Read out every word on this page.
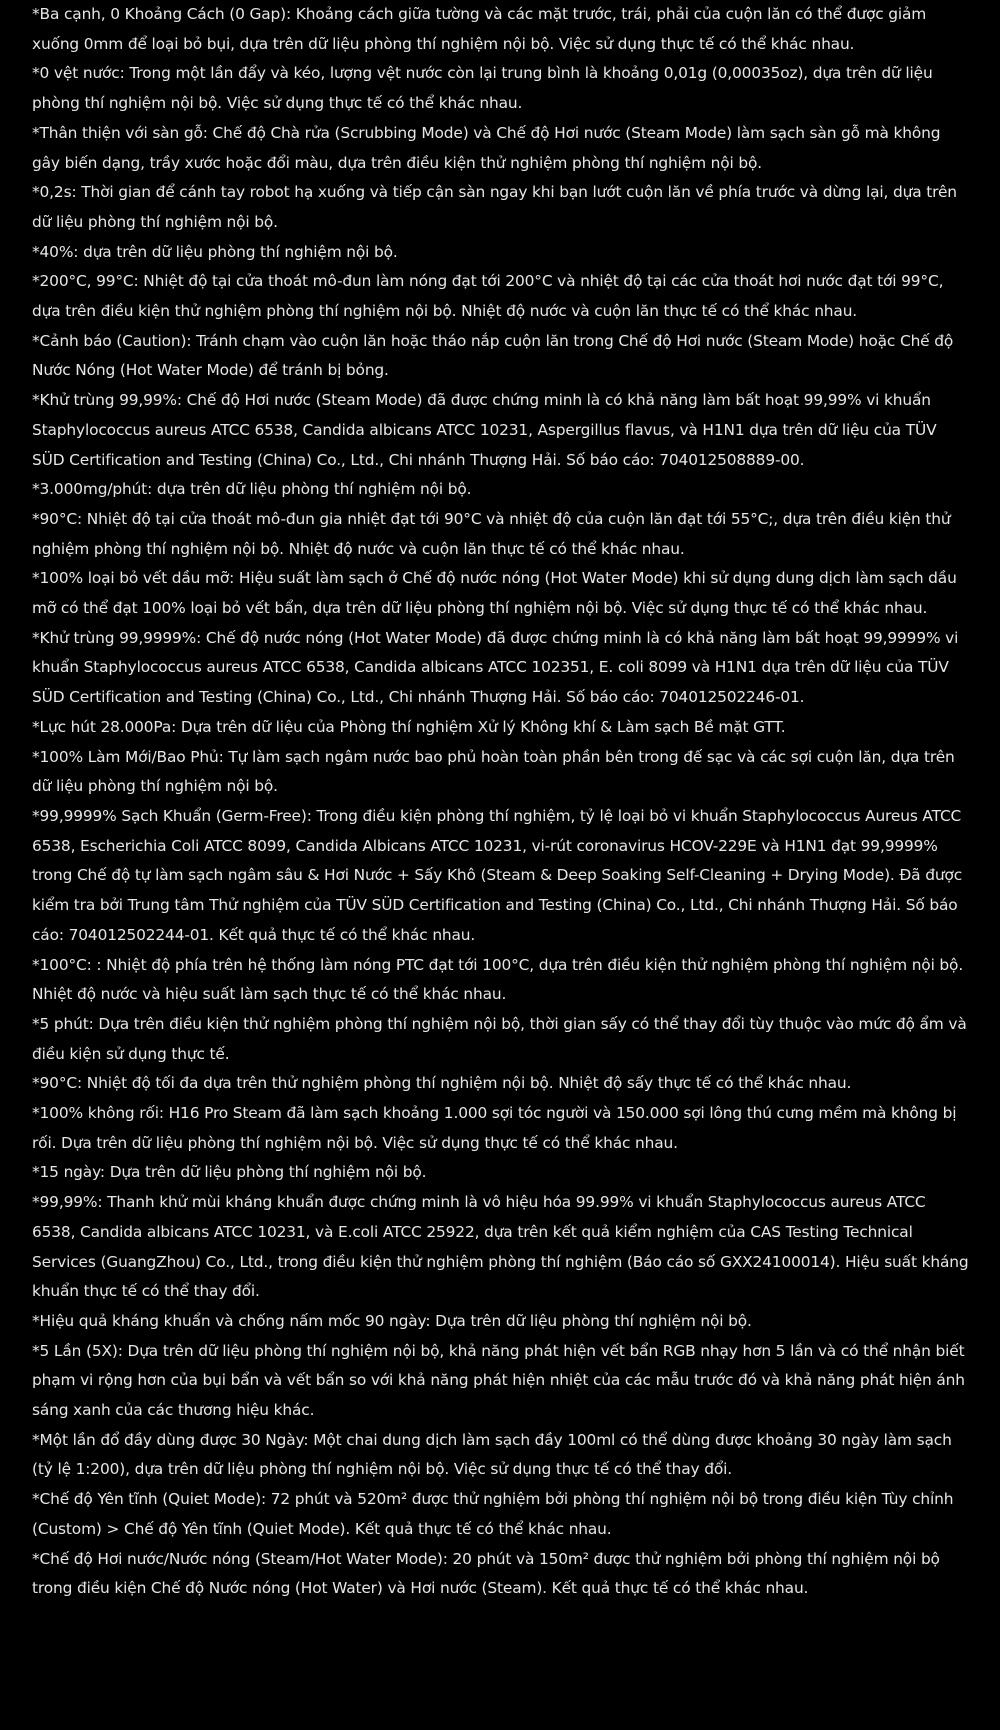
*Ba cạnh, 0 Khoảng Cách (0 Gap): Khoảng cách giữa tường và các mặt trước, trái, phải của cuộn lăn có thể được giảm xuống 0mm để loại bỏ bụi, dựa trên dữ liệu phòng thí nghiệm nội bộ. Việc sử dụng thực tế có thể khác nhau.
*0 vệt nước: Trong một lần đẩy và kéo, lượng vệt nước còn lại trung bình là khoảng 0,01g (0,00035oz), dựa trên dữ liệu phòng thí nghiệm nội bộ. Việc sử dụng thực tế có thể khác nhau.
*Thân thiện với sàn gỗ: Chế độ Chà rửa (Scrubbing Mode) và Chế độ Hơi nước (Steam Mode) làm sạch sàn gỗ mà không gây biến dạng, trầy xước hoặc đổi màu, dựa trên điều kiện thử nghiệm phòng thí nghiệm nội bộ.
*0,2s: Thời gian để cánh tay robot hạ xuống và tiếp cận sàn ngay khi bạn lướt cuộn lăn về phía trước và dừng lại, dựa trên dữ liệu phòng thí nghiệm nội bộ.
*40%: dựa trên dữ liệu phòng thí nghiệm nội bộ.
*200°C, 99°C: Nhiệt độ tại cửa thoát mô-đun làm nóng đạt tới 200°C và nhiệt độ tại các cửa thoát hơi nước đạt tới 99°C, dựa trên điều kiện thử nghiệm phòng thí nghiệm nội bộ. Nhiệt độ nước và cuộn lăn thực tế có thể khác nhau.
*Cảnh báo (Caution): Tránh chạm vào cuộn lăn hoặc tháo nắp cuộn lăn trong Chế độ Hơi nước (Steam Mode) hoặc Chế độ Nước Nóng (Hot Water Mode) để tránh bị bỏng.
*Khử trùng 99,99%: Chế độ Hơi nước (Steam Mode) đã được chứng minh là có khả năng làm bất hoạt 99,99% vi khuẩn Staphylococcus aureus ATCC 6538, Candida albicans ATCC 10231, Aspergillus flavus, và H1N1 dựa trên dữ liệu của TÜV SÜD Certification and Testing (China) Co., Ltd., Chi nhánh Thượng Hải. Số báo cáo: 704012508889-00.
*3.000mg/phút: dựa trên dữ liệu phòng thí nghiệm nội bộ.
*90°C: Nhiệt độ tại cửa thoát mô-đun gia nhiệt đạt tới 90°C và nhiệt độ của cuộn lăn đạt tới 55°C;, dựa trên điều kiện thử nghiệm phòng thí nghiệm nội bộ. Nhiệt độ nước và cuộn lăn thực tế có thể khác nhau.
*100% loại bỏ vết dầu mỡ: Hiệu suất làm sạch ở Chế độ nước nóng (Hot Water Mode) khi sử dụng dung dịch làm sạch dầu mỡ có thể đạt 100% loại bỏ vết bẩn, dựa trên dữ liệu phòng thí nghiệm nội bộ. Việc sử dụng thực tế có thể khác nhau.
*Khử trùng 99,9999%: Chế độ nước nóng (Hot Water Mode) đã được chứng minh là có khả năng làm bất hoạt 99,9999% vi khuẩn Staphylococcus aureus ATCC 6538, Candida albicans ATCC 102351, E. coli 8099 và H1N1 dựa trên dữ liệu của TÜV SÜD Certification and Testing (China) Co., Ltd., Chi nhánh Thượng Hải. Số báo cáo: 704012502246-01.
*Lực hút 28.000Pa: Dựa trên dữ liệu của Phòng thí nghiệm Xử lý Không khí & Làm sạch Bề mặt GTT.
*100% Làm Mới/Bao Phủ: Tự làm sạch ngâm nước bao phủ hoàn toàn phần bên trong đế sạc và các sợi cuộn lăn, dựa trên dữ liệu phòng thí nghiệm nội bộ.
*99,9999% Sạch Khuẩn (Germ-Free): Trong điều kiện phòng thí nghiệm, tỷ lệ loại bỏ vi khuẩn Staphylococcus Aureus ATCC 6538, Escherichia Coli ATCC 8099, Candida Albicans ATCC 10231, vi-rút coronavirus HCOV-229E và H1N1 đạt 99,9999% trong Chế độ tự làm sạch ngâm sâu & Hơi Nước + Sấy Khô (Steam & Deep Soaking Self-Cleaning + Drying Mode). Đã được kiểm tra bởi Trung tâm Thử nghiệm của TÜV SÜD Certification and Testing (China) Co., Ltd., Chi nhánh Thượng Hải. Số báo cáo: 704012502244-01. Kết quả thực tế có thể khác nhau.
*100°C: : Nhiệt độ phía trên hệ thống làm nóng PTC đạt tới 100°C, dựa trên điều kiện thử nghiệm phòng thí nghiệm nội bộ. Nhiệt độ nước và hiệu suất làm sạch thực tế có thể khác nhau.
*5 phút: Dựa trên điều kiện thử nghiệm phòng thí nghiệm nội bộ, thời gian sấy có thể thay đổi tùy thuộc vào mức độ ẩm và điều kiện sử dụng thực tế.
*90°C: Nhiệt độ tối đa dựa trên thử nghiệm phòng thí nghiệm nội bộ. Nhiệt độ sấy thực tế có thể khác nhau.
*100% không rối: H16 Pro Steam đã làm sạch khoảng 1.000 sợi tóc người và 150.000 sợi lông thú cưng mềm mà không bị rối. Dựa trên dữ liệu phòng thí nghiệm nội bộ. Việc sử dụng thực tế có thể khác nhau.
*15 ngày: Dựa trên dữ liệu phòng thí nghiệm nội bộ.
*99,99%: Thanh khử mùi kháng khuẩn được chứng minh là vô hiệu hóa 99.99% vi khuẩn Staphylococcus aureus ATCC 6538, Candida albicans ATCC 10231, và E.coli ATCC 25922, dựa trên kết quả kiểm nghiệm của CAS Testing Technical Services (GuangZhou) Co., Ltd., trong điều kiện thử nghiệm phòng thí nghiệm (Báo cáo số GXX24100014). Hiệu suất kháng khuẩn thực tế có thể thay đổi.
*Hiệu quả kháng khuẩn và chống nấm mốc 90 ngày: Dựa trên dữ liệu phòng thí nghiệm nội bộ.
*5 Lần (5X): Dựa trên dữ liệu phòng thí nghiệm nội bộ, khả năng phát hiện vết bẩn RGB nhạy hơn 5 lần và có thể nhận biết phạm vi rộng hơn của bụi bẩn và vết bẩn so với khả năng phát hiện nhiệt của các mẫu trước đó và khả năng phát hiện ánh sáng xanh của các thương hiệu khác.
*Một lần đổ đầy dùng được 30 Ngày: Một chai dung dịch làm sạch đầy 100ml có thể dùng được khoảng 30 ngày làm sạch (tỷ lệ 1:200), dựa trên dữ liệu phòng thí nghiệm nội bộ. Việc sử dụng thực tế có thể thay đổi.
*Chế độ Yên tĩnh (Quiet Mode): 72 phút và 520m² được thử nghiệm bởi phòng thí nghiệm nội bộ trong điều kiện Tùy chỉnh (Custom) > Chế độ Yên tĩnh (Quiet Mode). Kết quả thực tế có thể khác nhau.
*Chế độ Hơi nước/Nước nóng (Steam/Hot Water Mode): 20 phút và 150m² được thử nghiệm bởi phòng thí nghiệm nội bộ trong điều kiện Chế độ Nước nóng (Hot Water) và Hơi nước (Steam). Kết quả thực tế có thể khác nhau.
